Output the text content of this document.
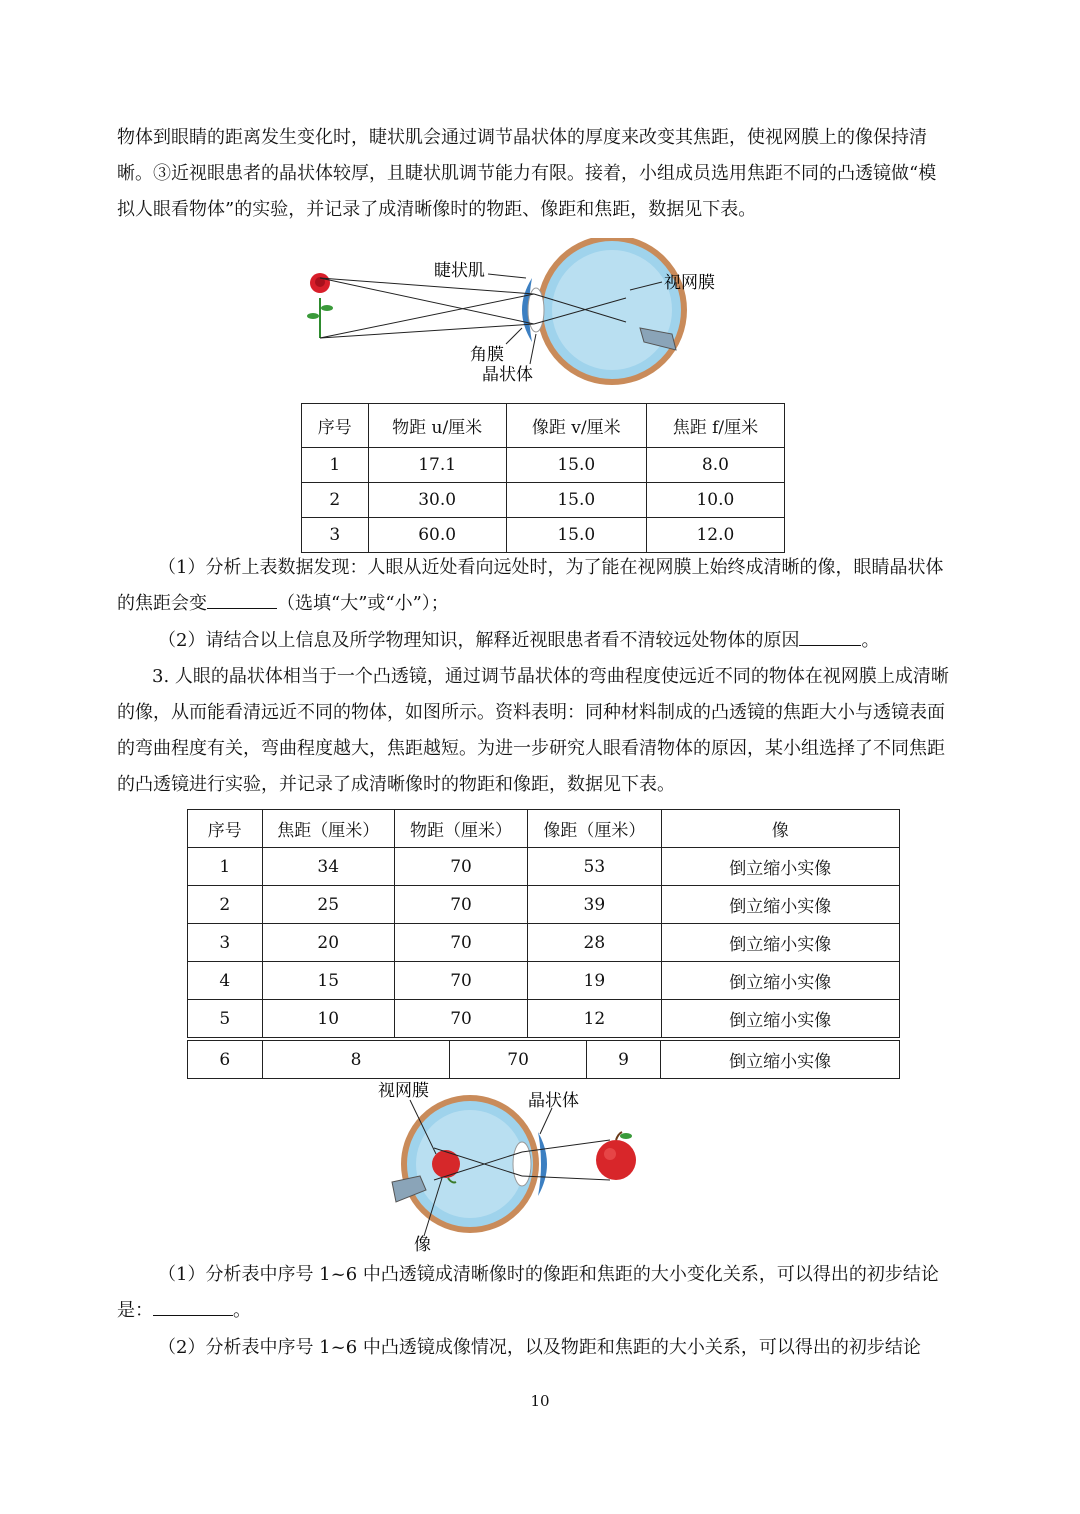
物体到眼睛的距离发生变化时，睫状肌会通过调节晶状体的厚度来改变其焦距，使视网膜上的像保持清

晰。③近视眼患者的晶状体较厚，且睫状肌调节能力有限。接着，小组成员选用焦距不同的凸透镜做“模

拟人眼看物体”的实验，并记录了成清晰像时的物距、像距和焦距，数据见下表。

睫状肌
视网膜
角膜
晶状体
序号	物距 u/厘米	像距 v/厘米	焦距 f/厘米
1	17.1	15.0	8.0
2	30.0	15.0	10.0
3	60.0	15.0	12.0

（1）分析上表数据发现：人眼从近处看向远处时，为了能在视网膜上始终成清晰的像，眼睛晶状体

的焦距会变	（选填“大”或“小”）；

（2）请结合以上信息及所学物理知识，解释近视眼患者看不清较远处物体的原因	。

3. 人眼的晶状体相当于一个凸透镜，通过调节晶状体的弯曲程度使远近不同的物体在视网膜上成清晰

的像，从而能看清远近不同的物体，如图所示。资料表明：同种材料制成的凸透镜的焦距大小与透镜表面

的弯曲程度有关，弯曲程度越大，焦距越短。为进一步研究人眼看清物体的原因，某小组选择了不同焦距

的凸透镜进行实验，并记录了成清晰像时的物距和像距，数据见下表。

序号	焦距（厘米）	物距（厘米）	像距（厘米）	像
1	34	70	53	倒立缩小实像
2	25	70	39	倒立缩小实像
3	20	70	28	倒立缩小实像
4	15	70	19	倒立缩小实像
5	10	70	12	倒立缩小实像
6	8	70	9	倒立缩小实像
视网膜	晶状体
像

（1）分析表中序号 1~6 中凸透镜成清晰像时的像距和焦距的大小变化关系，可以得出的初步结论

是：	。

（2）分析表中序号 1~6 中凸透镜成像情况，以及物距和焦距的大小关系，可以得出的初步结论

10
